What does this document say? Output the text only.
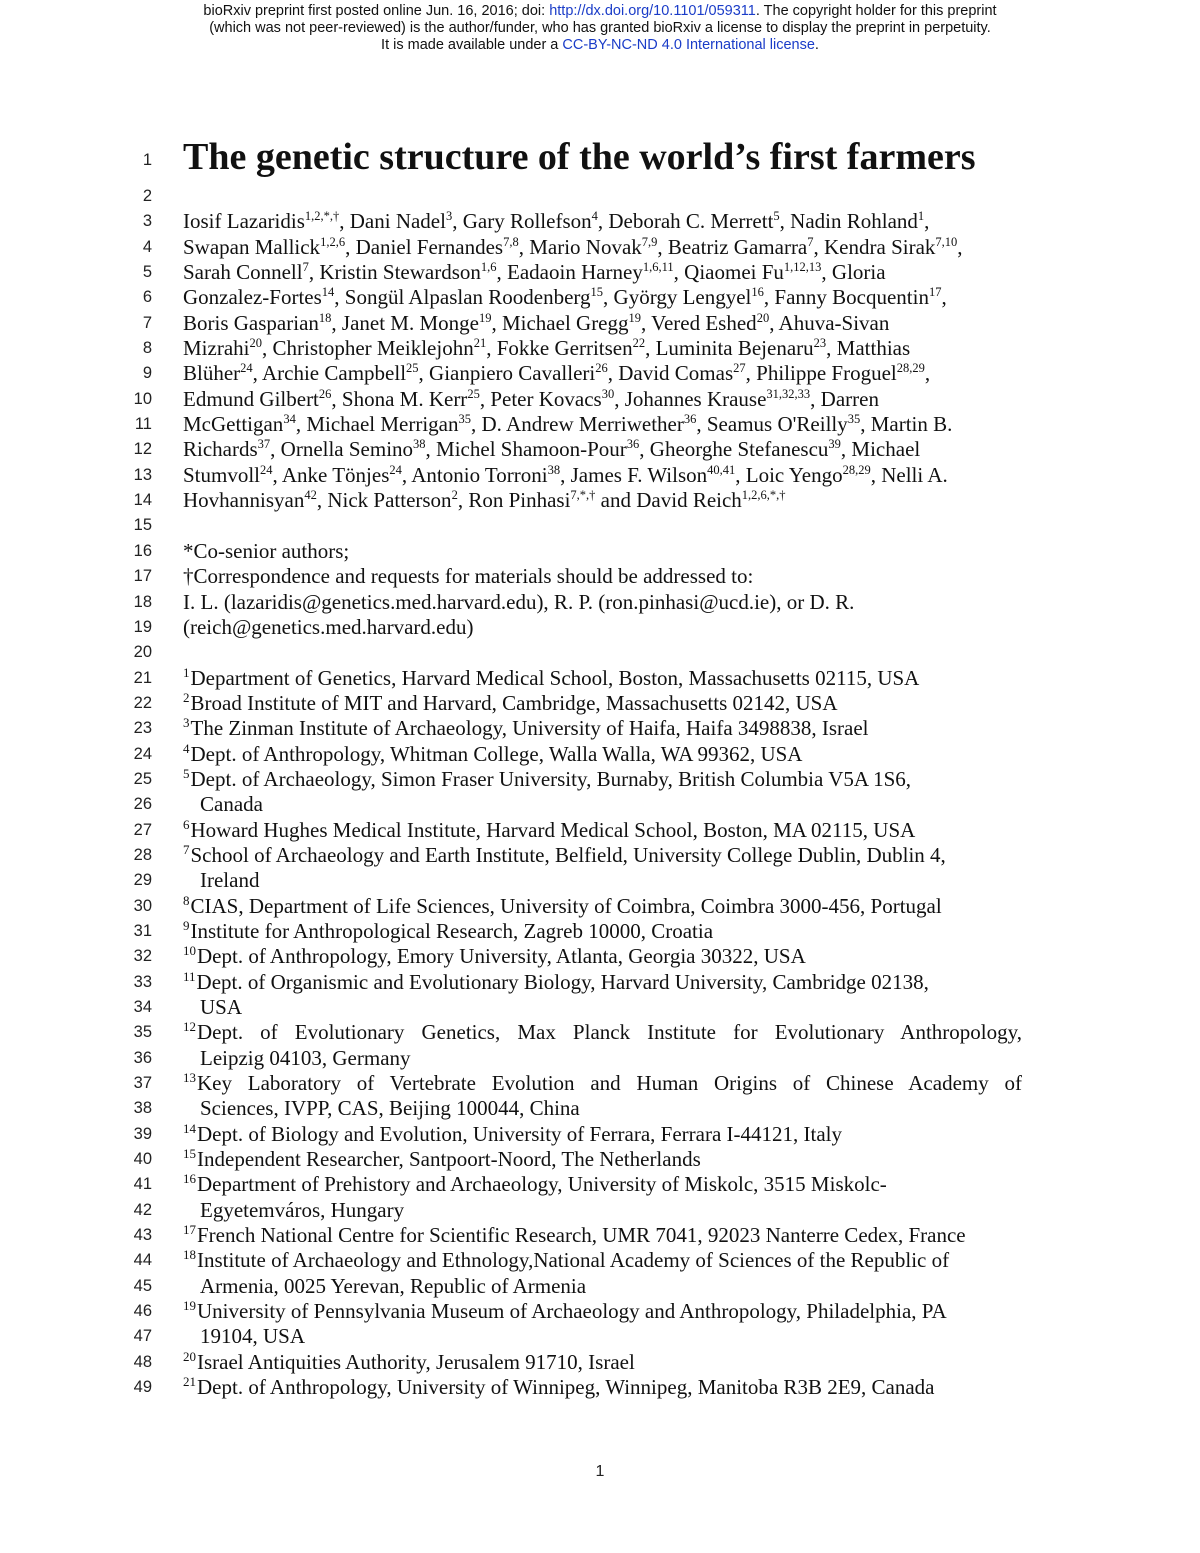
bioRxiv preprint first posted online Jun. 16, 2016; doi: http://dx.doi.org/10.1101/059311. The copyright holder for this preprint
(which was not peer-reviewed) is the author/funder, who has granted bioRxiv a license to display the preprint in perpetuity.
It is made available under a CC-BY-NC-ND 4.0 International license.
1 The genetic structure of the world’s first farmers
2
3 Iosif Lazaridis$^{1,2,*,\dagger}$, Dani Nadel$^3$, Gary Rollefson$^4$, Deborah C. Merrett$^5$, Nadin Rohland$^1$,
4 Swapan Mallick$^{1,2,6}$, Daniel Fernandes$^{7,8}$, Mario Novak$^{7,9}$, Beatriz Gamarra$^7$, Kendra Sirak$^{7,10}$,
5 Sarah Connell$^7$, Kristin Stewardson$^{1,6}$, Eadaoin Harney$^{1,6,11}$, Qiaomei Fu$^{1,12,13}$, Gloria
6 Gonzalez-Fortes$^{14}$, Songül Alpaslan Roodenberg$^{15}$, György Lengyel$^{16}$, Fanny Bocquentin$^{17}$,
7 Boris Gasparian$^{18}$, Janet M. Monge$^{19}$, Michael Gregg$^{19}$, Vered Eshed$^{20}$, Ahuva-Sivan
8 Mizrahi$^{20}$, Christopher Meiklejohn$^{21}$, Fokke Gerritsen$^{22}$, Luminita Bejenaru$^{23}$, Matthias
9 Blüher$^{24}$, Archie Campbell$^{25}$, Gianpiero Cavalleri$^{26}$, David Comas$^{27}$, Philippe Froguel$^{28,29}$,
10 Edmund Gilbert$^{26}$, Shona M. Kerr$^{25}$, Peter Kovacs$^{30}$, Johannes Krause$^{31,32,33}$, Darren
11 McGettigan$^{34}$, Michael Merrigan$^{35}$, D. Andrew Merriwether$^{36}$, Seamus O'Reilly$^{35}$, Martin B.
12 Richards$^{37}$, Ornella Semino$^{38}$, Michel Shamoon-Pour$^{36}$, Gheorghe Stefanescu$^{39}$, Michael
13 Stumvoll$^{24}$, Anke Tönjes$^{24}$, Antonio Torroni$^{38}$, James F. Wilson$^{40,41}$, Loic Yengo$^{28,29}$, Nelli A.
14 Hovhannisyan$^{42}$, Nick Patterson$^2$, Ron Pinhasi$^{7,*,\dagger}$ and David Reich$^{1,2,6,*,\dagger}$
15
16 *Co-senior authors;
17 †Correspondence and requests for materials should be addressed to:
18 I. L. (lazaridis@genetics.med.harvard.edu), R. P. (ron.pinhasi@ucd.ie), or D. R.
19 (reich@genetics.med.harvard.edu)
20
21 $^1$Department of Genetics, Harvard Medical School, Boston, Massachusetts 02115, USA
22 $^2$Broad Institute of MIT and Harvard, Cambridge, Massachusetts 02142, USA
23 $^3$The Zinman Institute of Archaeology, University of Haifa, Haifa 3498838, Israel
24 $^4$Dept. of Anthropology, Whitman College, Walla Walla, WA 99362, USA
25 $^5$Dept. of Archaeology, Simon Fraser University, Burnaby, British Columbia V5A 1S6,
26 Canada
27 $^6$Howard Hughes Medical Institute, Harvard Medical School, Boston, MA 02115, USA
28 $^7$School of Archaeology and Earth Institute, Belfield, University College Dublin, Dublin 4,
29 Ireland
30 $^8$CIAS, Department of Life Sciences, University of Coimbra, Coimbra 3000-456, Portugal
31 $^9$Institute for Anthropological Research, Zagreb 10000, Croatia
32 $^{10}$Dept. of Anthropology, Emory University, Atlanta, Georgia 30322, USA
33 $^{11}$Dept. of Organismic and Evolutionary Biology, Harvard University, Cambridge 02138,
34 USA
35 $^{12}$Dept. of Evolutionary Genetics, Max Planck Institute for Evolutionary Anthropology,
36 Leipzig 04103, Germany
37 $^{13}$Key Laboratory of Vertebrate Evolution and Human Origins of Chinese Academy of
38 Sciences, IVPP, CAS, Beijing 100044, China
39 $^{14}$Dept. of Biology and Evolution, University of Ferrara, Ferrara I-44121, Italy
40 $^{15}$Independent Researcher, Santpoort-Noord, The Netherlands
41 $^{16}$Department of Prehistory and Archaeology, University of Miskolc, 3515 Miskolc-
42 Egyetemváros, Hungary
43 $^{17}$French National Centre for Scientific Research, UMR 7041, 92023 Nanterre Cedex, France
44 $^{18}$Institute of Archaeology and Ethnology,National Academy of Sciences of the Republic of
45 Armenia, 0025 Yerevan, Republic of Armenia
46 $^{19}$University of Pennsylvania Museum of Archaeology and Anthropology, Philadelphia, PA
47 19104, USA
48 $^{20}$Israel Antiquities Authority, Jerusalem 91710, Israel
49 $^{21}$Dept. of Anthropology, University of Winnipeg, Winnipeg, Manitoba R3B 2E9, Canada
1
